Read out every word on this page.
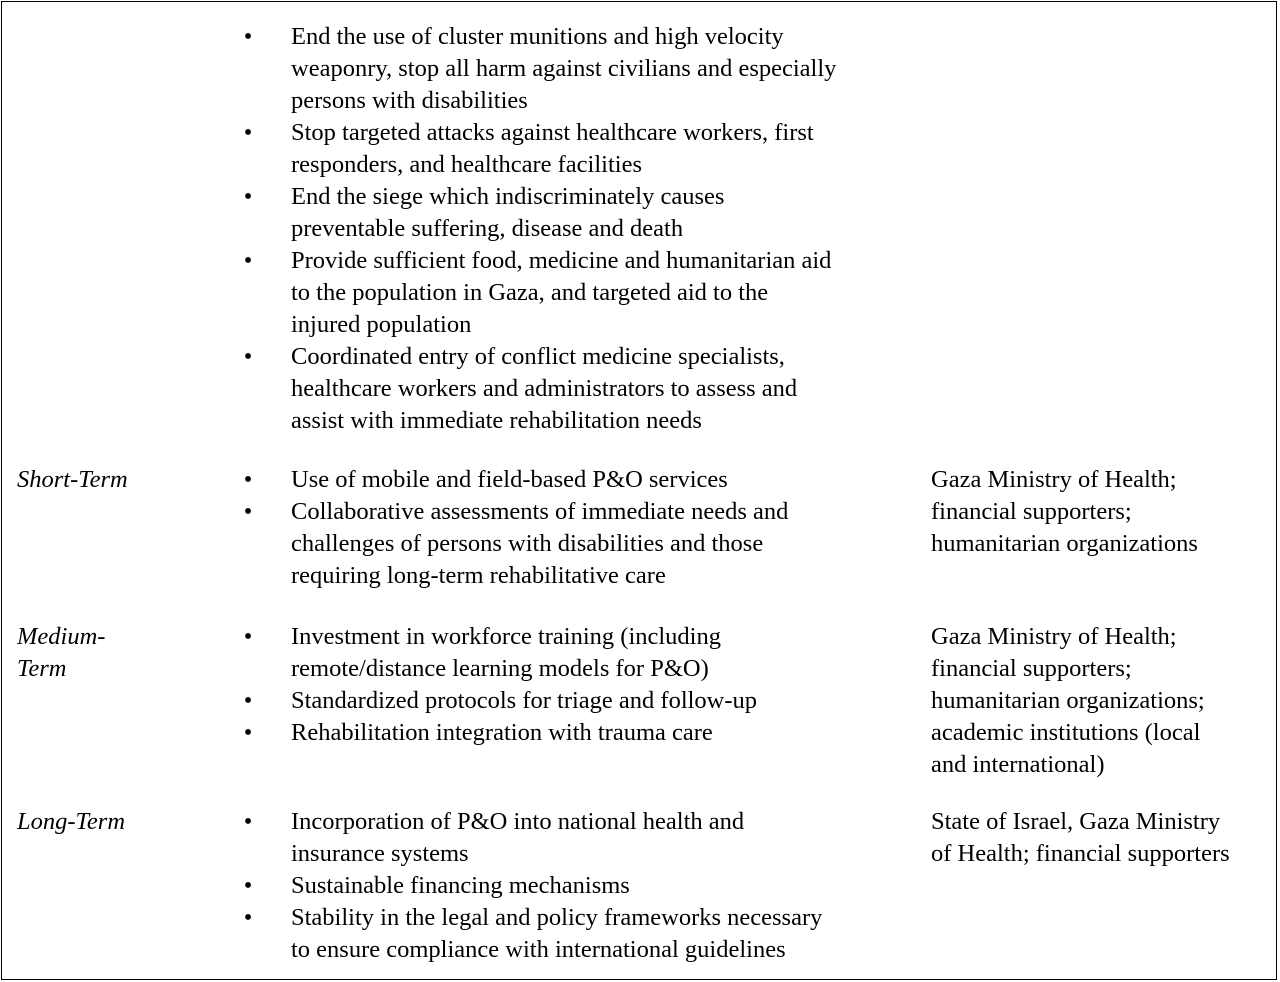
• End the use of cluster munitions and high velocity
weaponry, stop all harm against civilians and especially
persons with disabilities
• Stop targeted attacks against healthcare workers, first
responders, and healthcare facilities
• End the siege which indiscriminately causes
preventable suffering, disease and death
• Provide sufficient food, medicine and humanitarian aid
to the population in Gaza, and targeted aid to the
injured population
• Coordinated entry of conflict medicine specialists,
healthcare workers and administrators to assess and
assist with immediate rehabilitation needs
Short-Term	• Use of mobile and field-based P&O services
• Collaborative assessments of immediate needs and
challenges of persons with disabilities and those
requiring long-term rehabilitative care
Gaza Ministry of Health;
financial supporters;
humanitarian organizations
Medium-
Term
• Investment in workforce training (including
remote/distance learning models for P&O)
• Standardized protocols for triage and follow-up
• Rehabilitation integration with trauma care
Gaza Ministry of Health;
financial supporters;
humanitarian organizations;
academic institutions (local
and international)
Long-Term	• Incorporation of P&O into national health and
insurance systems
• Sustainable financing mechanisms
• Stability in the legal and policy frameworks necessary
to ensure compliance with international guidelines
State of Israel, Gaza Ministry
of Health; financial supporters
